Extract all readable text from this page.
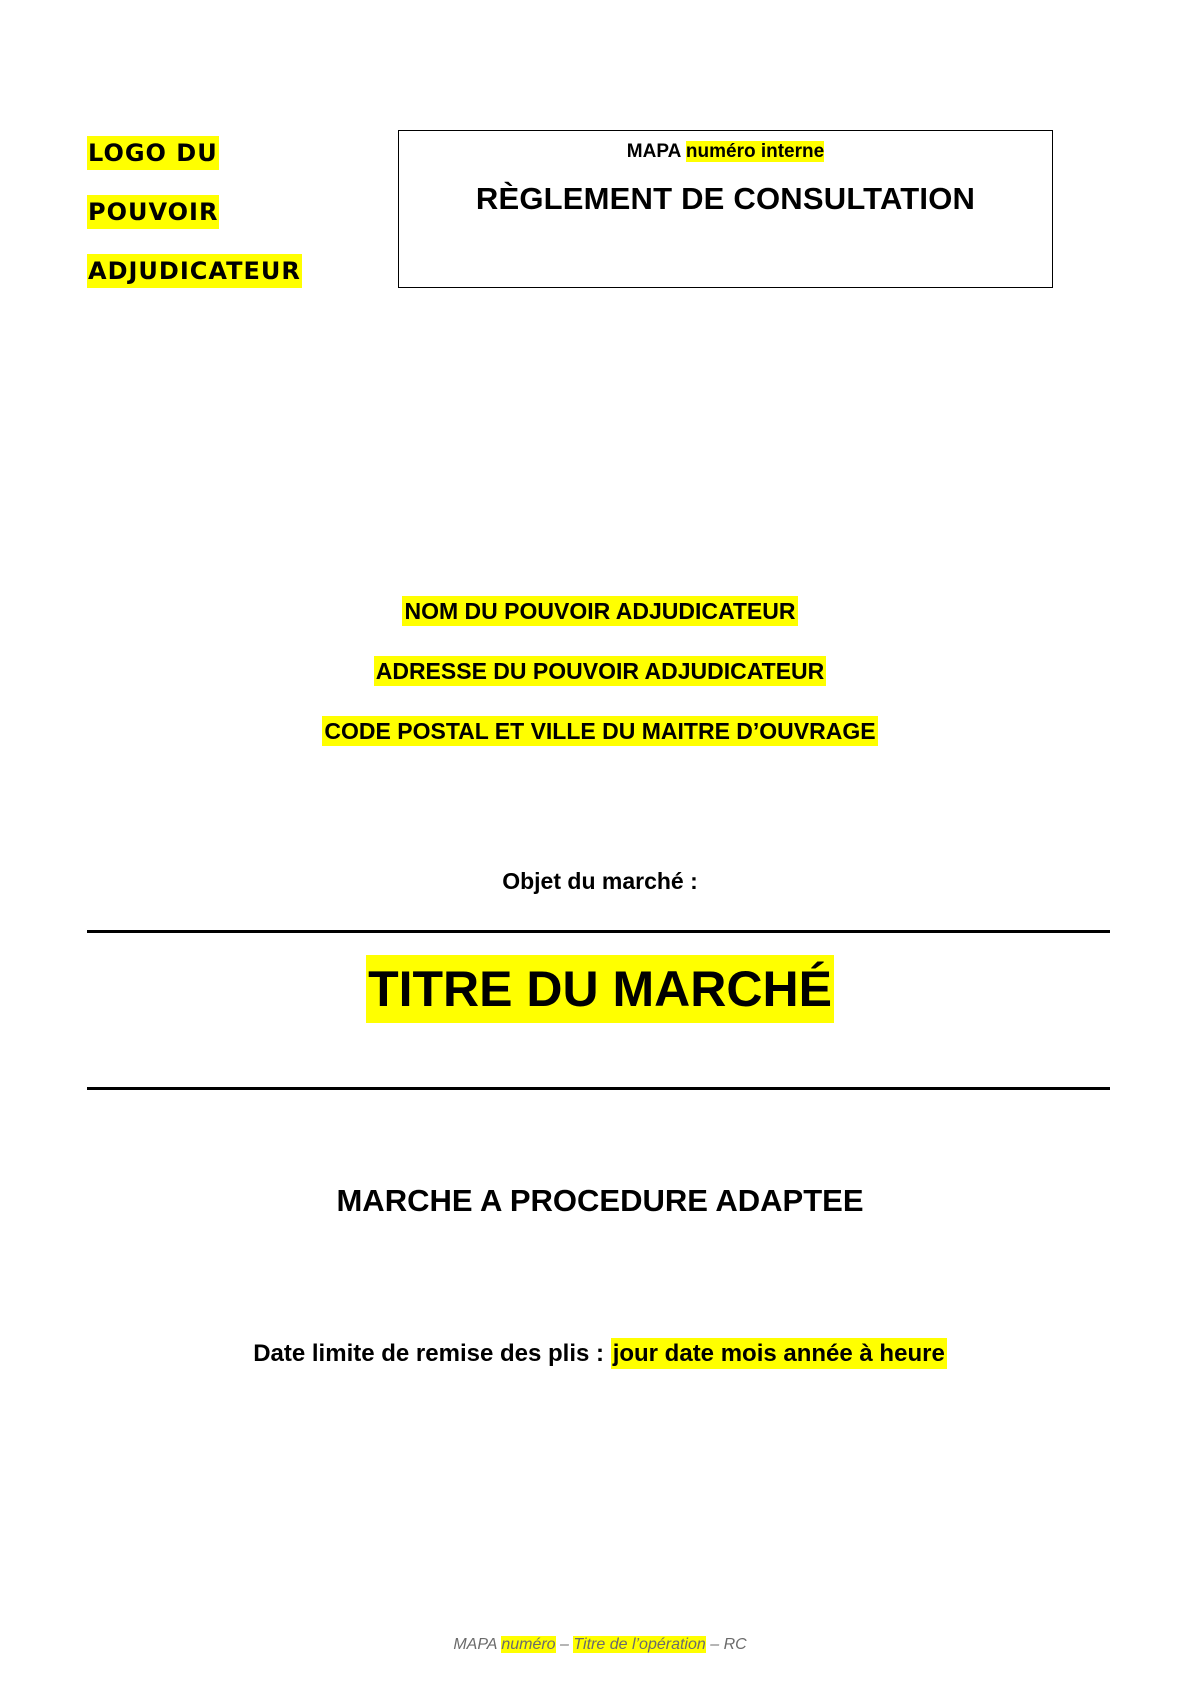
LOGO DU
POUVOIR
ADJUDICATEUR
MAPA numéro interne
RÈGLEMENT DE CONSULTATION
NOM DU POUVOIR ADJUDICATEUR
ADRESSE DU POUVOIR ADJUDICATEUR
CODE POSTAL ET VILLE DU MAITRE D’OUVRAGE
Objet du marché :
TITRE DU MARCHÉ
MARCHE A PROCEDURE ADAPTEE
Date limite de remise des plis : jour date mois année à heure
MAPA numéro – Titre de l’opération – RC
